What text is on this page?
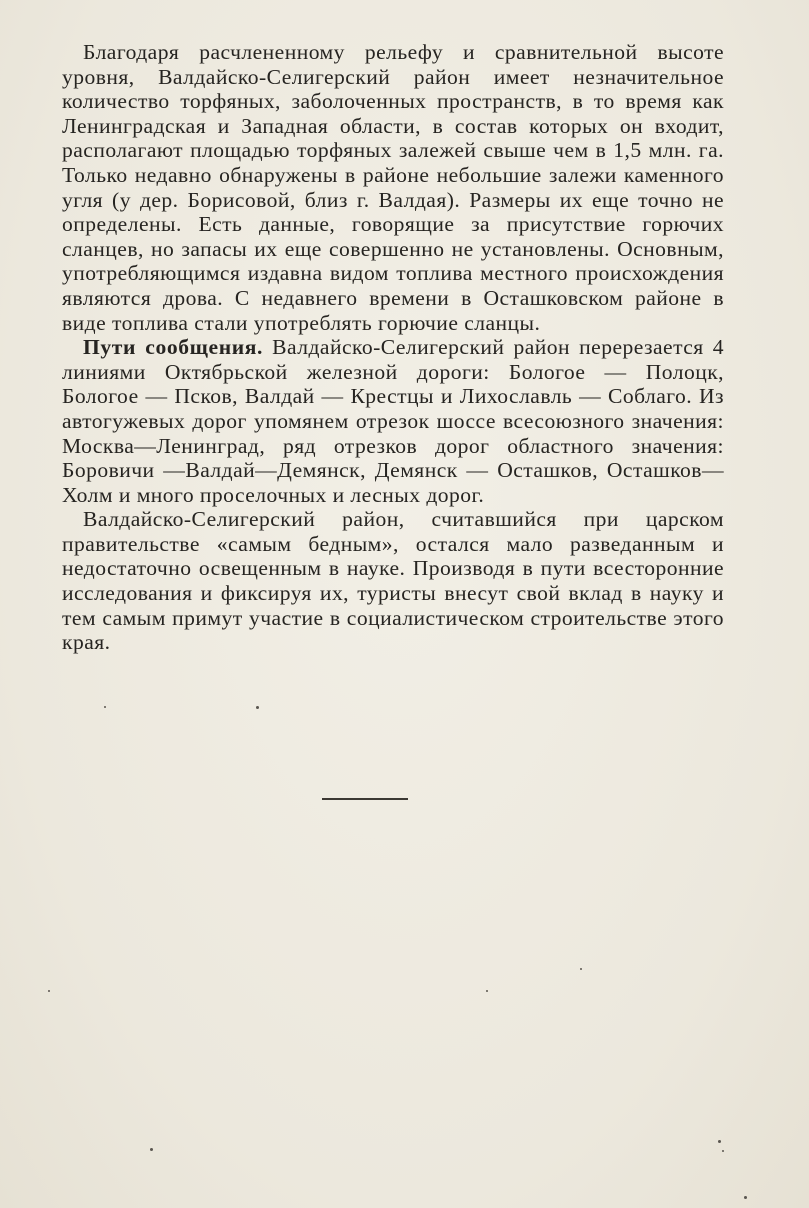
Благодаря расчлененному рельефу и сравнительной высоте уровня, Валдайско-Селигерский район имеет незначительное количество торфяных, заболоченных пространств, в то время как Ленинградская и Западная области, в состав которых он входит, располагают площадью торфяных залежей свыше чем в 1,5 млн. га. Только недавно обнаружены в районе небольшие залежи каменного угля (у дер. Борисовой, близ г. Валдая). Размеры их еще точно не определены. Есть данные, говорящие за присутствие горючих сланцев, но запасы их еще совершенно не установлены. Основным, употребляющимся издавна видом топлива местного происхождения являются дрова. С недавнего времени в Осташковском районе в виде топлива стали употреблять горючие сланцы.

Пути сообщения. Валдайско-Селигерский район перерезается 4 линиями Октябрьской железной дороги: Бологое — Полоцк, Бологое — Псков, Валдай — Крестцы и Лихославль — Соблаго. Из автогужевых дорог упомянем отрезок шоссе всесоюзного значения: Москва—Ленинград, ряд отрезков дорог областного значения: Боровичи —Валдай—Демянск, Демянск — Осташков, Осташков—Холм и много проселочных и лесных дорог.

Валдайско-Селигерский район, считавшийся при царском правительстве «самым бедным», остался мало разведанным и недостаточно освещенным в науке. Производя в пути всесторонние исследования и фиксируя их, туристы внесут свой вклад в науку и тем самым примут участие в социалистическом строительстве этого края.
